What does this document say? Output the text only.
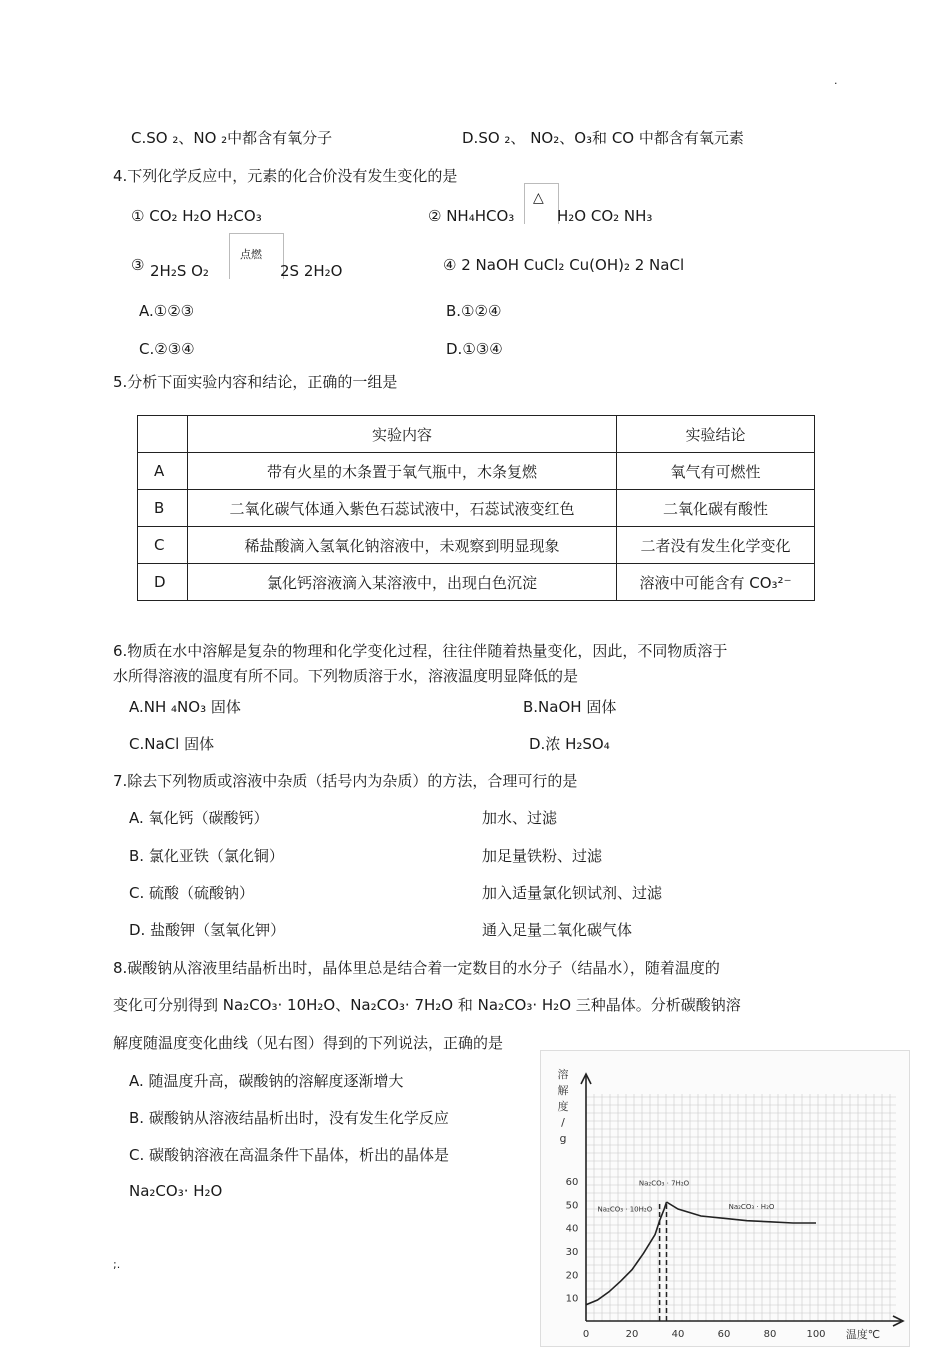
.
C.SO ₂、NO ₂中都含有氧分子	D.SO ₂、 NO₂、O₃和 CO 中都含有氧元素
4.下列化学反应中，元素的化合价没有发生变化的是
① CO₂ H₂O H₂CO₃	② NH₄HCO₃
△
H₂O CO₂ NH₃
③ 2H₂S O₂
点燃
2S 2H₂O	④ 2 NaOH CuCl₂ Cu(OH)₂ 2 NaCl
A.①②③	B.①②④
C.②③④	D.①③④
5.分析下面实验内容和结论，正确的一组是
	实验内容	实验结论
A	带有火星的木条置于氧气瓶中，木条复燃	氧气有可燃性
B	二氧化碳气体通入紫色石蕊试液中，石蕊试液变红色	二氧化碳有酸性
C	稀盐酸滴入氢氧化钠溶液中，未观察到明显现象	二者没有发生化学变化
D	氯化钙溶液滴入某溶液中，出现白色沉淀	溶液中可能含有 CO₃²⁻
6.物质在水中溶解是复杂的物理和化学变化过程，往往伴随着热量变化，因此，不同物质溶于
水所得溶液的温度有所不同。下列物质溶于水，溶液温度明显降低的是
A.NH ₄NO₃ 固体	B.NaOH 固体
C.NaCl 固体	D.浓 H₂SO₄
7.除去下列物质或溶液中杂质（括号内为杂质）的方法，合理可行的是
A. 氧化钙（碳酸钙）	加水、过滤
B. 氯化亚铁（氯化铜）	加足量铁粉、过滤
C. 硫酸（硫酸钠）	加入适量氯化钡试剂、过滤
D. 盐酸钾（氢氧化钾）	通入足量二氧化碳气体
8.碳酸钠从溶液里结晶析出时，晶体里总是结合着一定数目的水分子（结晶水），随着温度的
变化可分别得到 Na₂CO₃· 10H₂O、Na₂CO₃· 7H₂O 和 Na₂CO₃· H₂O 三种晶体。分析碳酸钠溶
解度随温度变化曲线（见右图）得到的下列说法，正确的是
A. 随温度升高，碳酸钠的溶解度逐渐增大
B. 碳酸钠从溶液结晶析出时，没有发生化学反应
C. 碳酸钠溶液在高温条件下晶体，析出的晶体是
Na₂CO₃· H₂O
;.
溶
解
度
/
g
10
20
30
40
50
60
0	20	40	60	80	100 温度℃
Na₂CO₃ · 10H₂O
Na₂CO₃ · 7H₂O
Na₂CO₃ · H₂O
